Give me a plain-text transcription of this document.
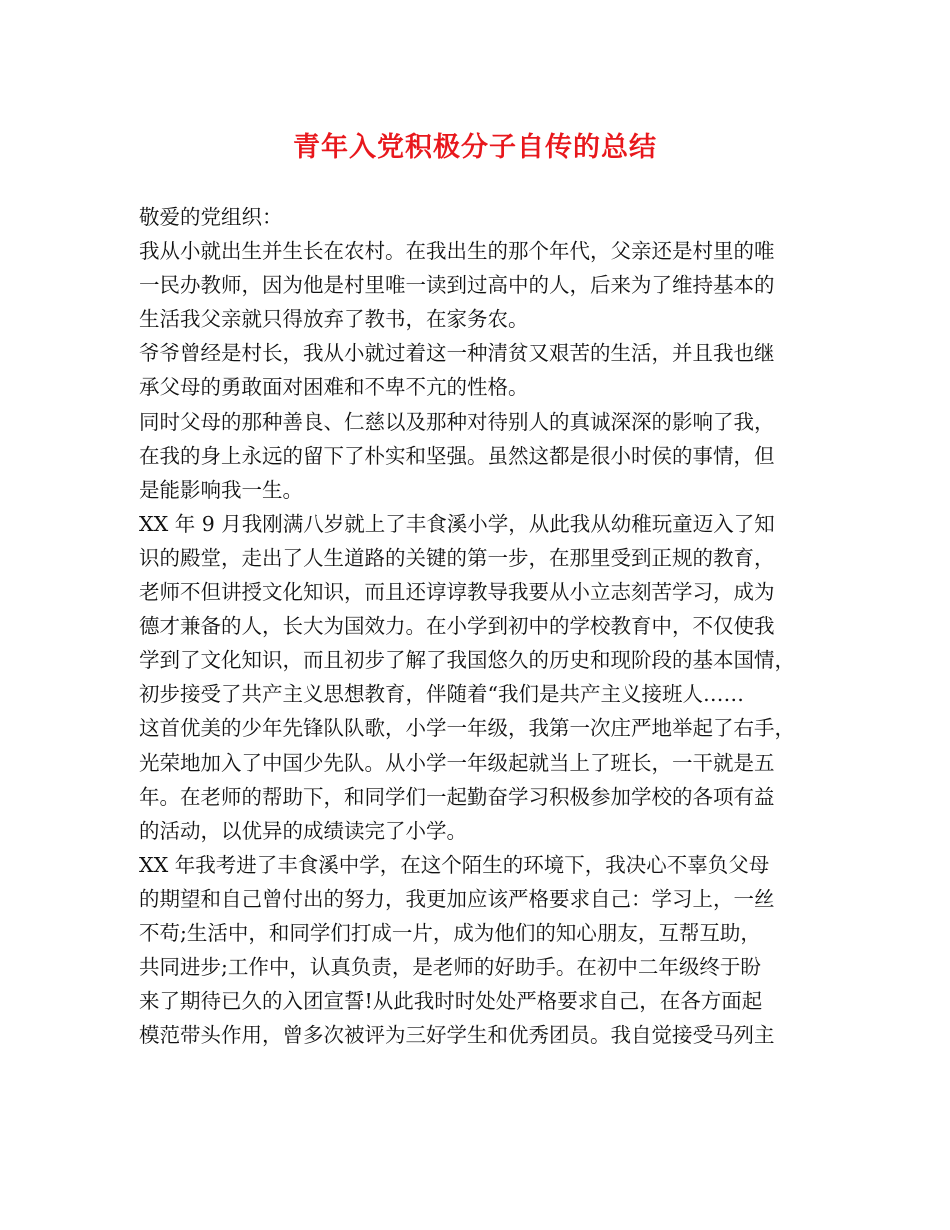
青年入党积极分子自传的总结
敬爱的党组织：
我从小就出生并生长在农村。在我出生的那个年代，父亲还是村里的唯
一民办教师，因为他是村里唯一读到过高中的人，后来为了维持基本的
生活我父亲就只得放弃了教书，在家务农。
爷爷曾经是村长，我从小就过着这一种清贫又艰苦的生活，并且我也继
承父母的勇敢面对困难和不卑不亢的性格。
同时父母的那种善良、仁慈以及那种对待别人的真诚深深的影响了我，
在我的身上永远的留下了朴实和坚强。虽然这都是很小时侯的事情，但
是能影响我一生。
XX 年 9 月我刚满八岁就上了丰食溪小学，从此我从幼稚玩童迈入了知
识的殿堂，走出了人生道路的关键的第一步，在那里受到正规的教育，
老师不但讲授文化知识，而且还谆谆教导我要从小立志刻苦学习，成为
德才兼备的人，长大为国效力。在小学到初中的学校教育中，不仅使我
学到了文化知识，而且初步了解了我国悠久的历史和现阶段的基本国情，
初步接受了共产主义思想教育，伴随着“我们是共产主义接班人……
这首优美的少年先锋队队歌，小学一年级，我第一次庄严地举起了右手，
光荣地加入了中国少先队。从小学一年级起就当上了班长，一干就是五
年。在老师的帮助下，和同学们一起勤奋学习积极参加学校的各项有益
的活动，以优异的成绩读完了小学。
XX 年我考进了丰食溪中学，在这个陌生的环境下，我决心不辜负父母
的期望和自己曾付出的努力，我更加应该严格要求自己：学习上，一丝
不苟;生活中，和同学们打成一片，成为他们的知心朋友，互帮互助，
共同进步;工作中，认真负责，是老师的好助手。在初中二年级终于盼
来了期待已久的入团宣誓!从此我时时处处严格要求自己，在各方面起
模范带头作用，曾多次被评为三好学生和优秀团员。我自觉接受马列主
